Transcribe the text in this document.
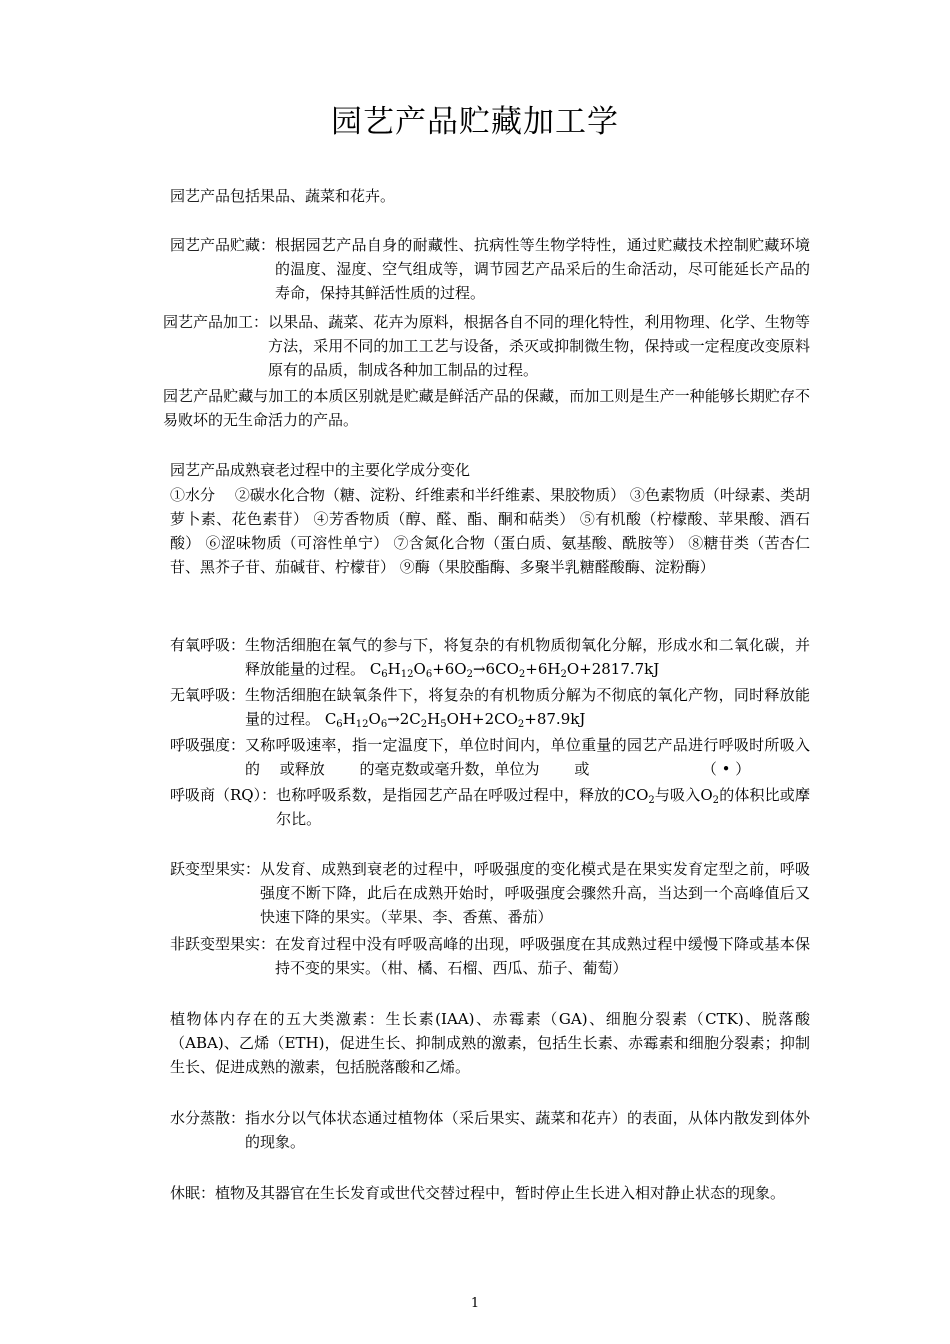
园艺产品贮藏加工学

园艺产品包括果品、蔬菜和花卉。

园艺产品贮藏： 根据园艺产品自身的耐藏性、抗病性等生物学特性，通过贮藏技术控制贮藏环境的温度、湿度、空气组成等，调节园艺产品采后的生命活动，尽可能延长产品的寿命，保持其鲜活性质的过程。
园艺产品加工： 以果品、蔬菜、花卉为原料，根据各自不同的理化特性，利用物理、化学、生物等方法，采用不同的加工工艺与设备，杀灭或抑制微生物，保持或一定程度改变原料原有的品质，制成各种加工制品的过程。

园艺产品贮藏与加工的本质区别就是贮藏是鲜活产品的保藏，而加工则是生产一种能够长期贮存不易败坏的无生命活力的产品。

园艺产品成熟衰老过程中的主要化学成分变化

①水分　 ②碳水化合物（糖、淀粉、纤维素和半纤维素、果胶物质） ③色素物质（叶绿素、类胡萝卜素、花色素苷） ④芳香物质（醇、醛、酯、酮和萜类） ⑤有机酸（柠檬酸、苹果酸、酒石酸） ⑥涩味物质（可溶性单宁） ⑦含氮化合物（蛋白质、氨基酸、酰胺等） ⑧糖苷类（苦杏仁苷、黑芥子苷、茄碱苷、柠檬苷） ⑨酶（果胶酯酶、多聚半乳糖醛酸酶、淀粉酶）

有氧呼吸： 生物活细胞在氧气的参与下，将复杂的有机物质彻氧化分解，形成水和二氧化碳，并释放能量的过程。 $C_6H_{12}O_6+6O_2\to 6CO_2+6H_2O+2817.7kJ$
无氧呼吸： 生物活细胞在缺氧条件下，将复杂的有机物质分解为不彻底的氧化产物，同时释放能量的过程。 $C_6H_{12}O_6\to 2C_2H_5OH+2CO_2+87.9kJ$
呼吸强度： 又称呼吸速率，指一定温度下，单位时间内，单位重量的园艺产品进行呼吸时所吸入的　 或释放　　 的毫克数或毫升数，单位为　　 或　　　　　　　　（ • ）
呼吸商（RQ）： 也称呼吸系数，是指园艺产品在呼吸过程中，释放的$CO_2$与吸入$O_2$的体积比或摩尔比。
跃变型果实： 从发育、成熟到衰老的过程中，呼吸强度的变化模式是在果实发育定型之前，呼吸强度不断下降，此后在成熟开始时，呼吸强度会骤然升高，当达到一个高峰值后又快速下降的果实。（苹果、李、香蕉、番茄）
非跃变型果实： 在发育过程中没有呼吸高峰的出现，呼吸强度在其成熟过程中缓慢下降或基本保持不变的果实。（柑、橘、石榴、西瓜、茄子、葡萄）

植物体内存在的五大类激素：生长素(IAA)、赤霉素（GA)、细胞分裂素（CTK)、脱落酸（ABA)、乙烯（ETH)，促进生长、抑制成熟的激素，包括生长素、赤霉素和细胞分裂素；抑制生长、促进成熟的激素，包括脱落酸和乙烯。

水分蒸散： 指水分以气体状态通过植物体（采后果实、蔬菜和花卉）的表面，从体内散发到体外的现象。
休眠： 植物及其器官在生长发育或世代交替过程中，暂时停止生长进入相对静止状态的现象。
1
